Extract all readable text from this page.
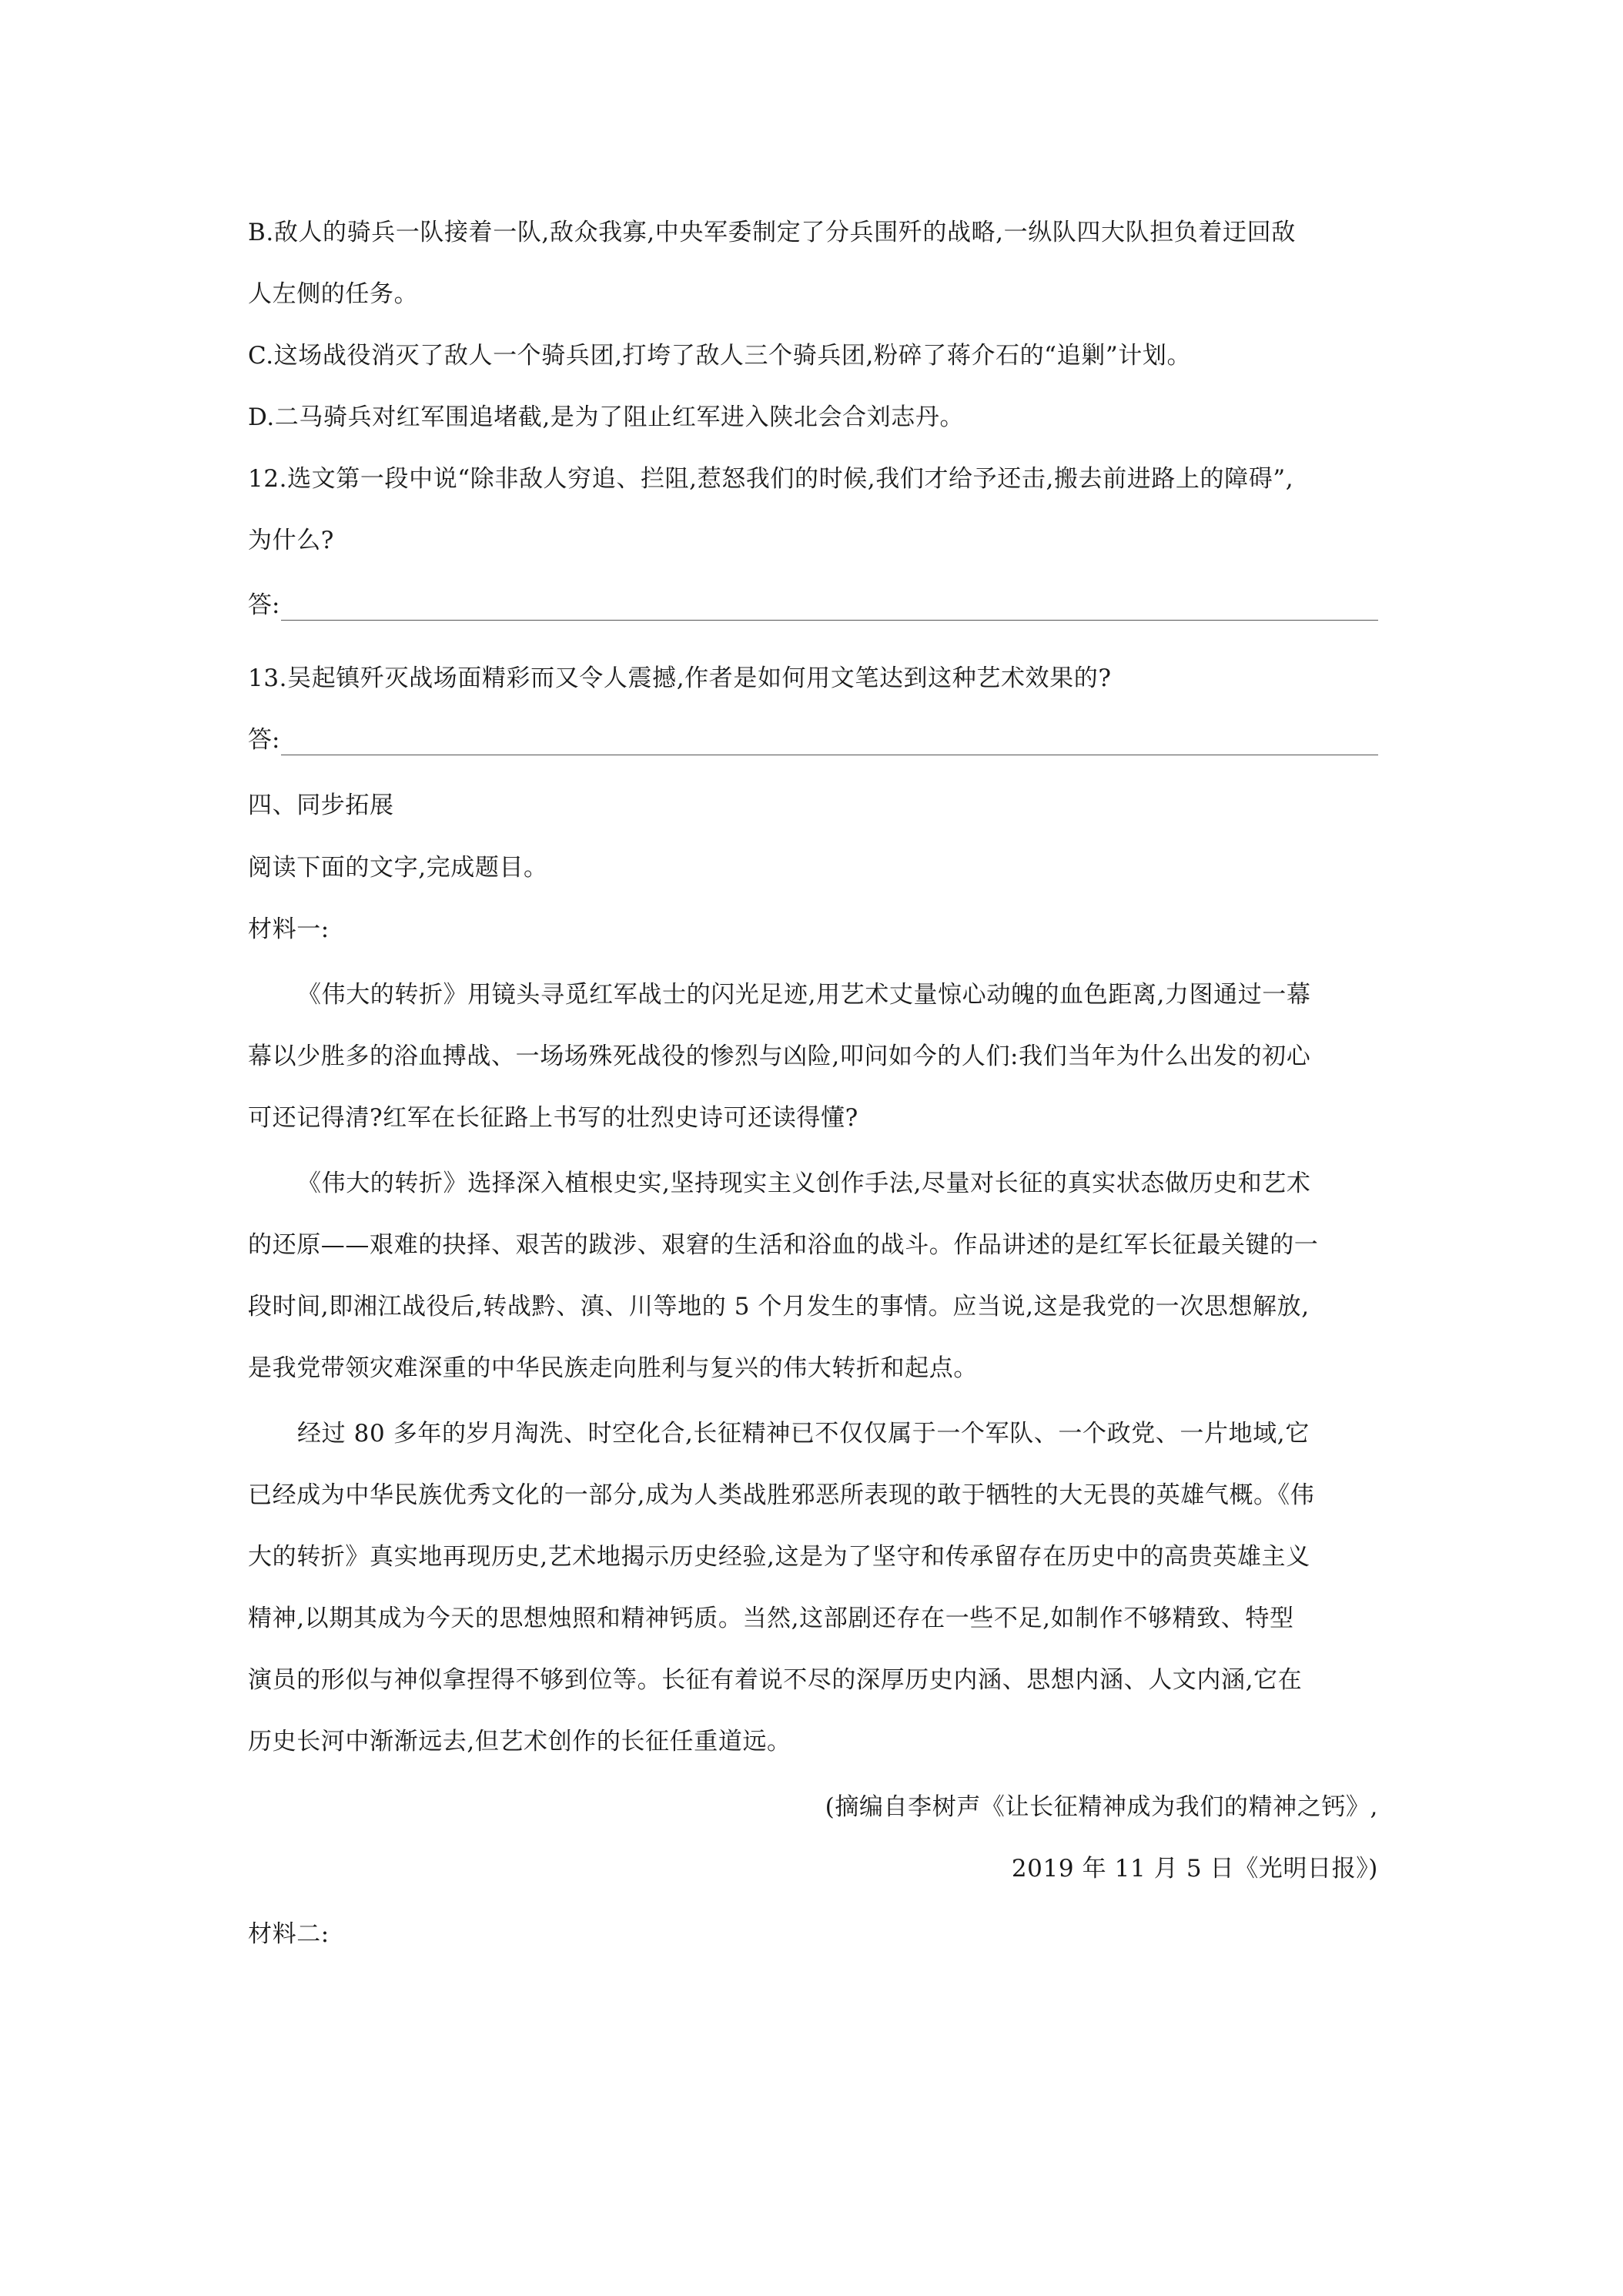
B.敌人的骑兵一队接着一队,敌众我寡,中央军委制定了分兵围歼的战略,一纵队四大队担负着迂回敌
人左侧的任务。
C.这场战役消灭了敌人一个骑兵团,打垮了敌人三个骑兵团,粉碎了蒋介石的“追剿”计划。
D.二马骑兵对红军围追堵截,是为了阻止红军进入陕北会合刘志丹。
12.选文第一段中说“除非敌人穷追、拦阻,惹怒我们的时候,我们才给予还击,搬去前进路上的障碍”,
为什么?
答:
13.吴起镇歼灭战场面精彩而又令人震撼,作者是如何用文笔达到这种艺术效果的?
答:
四、同步拓展
阅读下面的文字,完成题目。
材料一:
《伟大的转折》用镜头寻觅红军战士的闪光足迹,用艺术丈量惊心动魄的血色距离,力图通过一幕
幕以少胜多的浴血搏战、一场场殊死战役的惨烈与凶险,叩问如今的人们:我们当年为什么出发的初心
可还记得清?红军在长征路上书写的壮烈史诗可还读得懂?
《伟大的转折》选择深入植根史实,坚持现实主义创作手法,尽量对长征的真实状态做历史和艺术
的还原——艰难的抉择、艰苦的跋涉、艰窘的生活和浴血的战斗。作品讲述的是红军长征最关键的一
段时间,即湘江战役后,转战黔、滇、川等地的 5 个月发生的事情。应当说,这是我党的一次思想解放,
是我党带领灾难深重的中华民族走向胜利与复兴的伟大转折和起点。
经过 80 多年的岁月淘洗、时空化合,长征精神已不仅仅属于一个军队、一个政党、一片地域,它
已经成为中华民族优秀文化的一部分,成为人类战胜邪恶所表现的敢于牺牲的大无畏的英雄气概。《伟
大的转折》真实地再现历史,艺术地揭示历史经验,这是为了坚守和传承留存在历史中的高贵英雄主义
精神,以期其成为今天的思想烛照和精神钙质。当然,这部剧还存在一些不足,如制作不够精致、特型
演员的形似与神似拿捏得不够到位等。长征有着说不尽的深厚历史内涵、思想内涵、人文内涵,它在
历史长河中渐渐远去,但艺术创作的长征任重道远。
(摘编自李树声《让长征精神成为我们的精神之钙》,
2019 年 11 月 5 日《光明日报》)
材料二:
